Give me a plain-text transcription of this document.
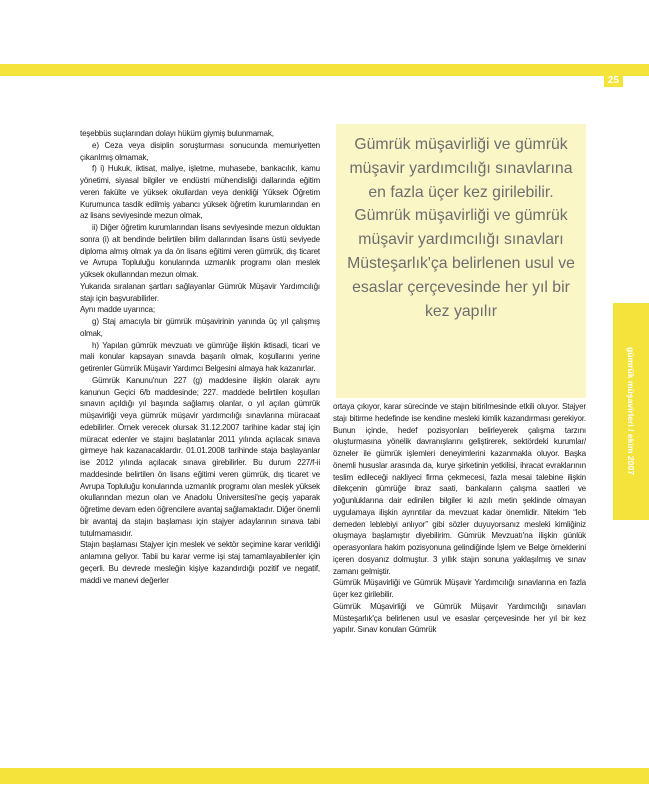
25

teşebbüs suçlarından dolayı hüküm giymiş bulunmamak,

e) Ceza veya disiplin soruşturması sonucunda memuriyetten çıkarılmış olmamak,

f) i) Hukuk, iktisat, maliye, işletme, muhasebe, bankacılık, kamu yönetimi, siyasal bilgiler ve endüstri mühendisliği dallarında eğitim veren fakülte ve yüksek okullardan veya denkliği Yüksek Öğretim Kurumunca tasdik edilmiş yabancı yüksek öğretim kurumlarından en az lisans seviyesinde mezun olmak,

ii) Diğer öğretim kurumlarından lisans seviyesinde mezun olduktan sonra (i) alt bendinde belirtilen bilim dallarından lisans üstü seviyede diploma almış olmak ya da ön lisans eğitimi veren gümrük, dış ticaret ve Avrupa Topluluğu konularında uzmanlık programı olan meslek yüksek okullarından mezun olmak.

Yukarıda sıralanan şartları sağlayanlar Gümrük Müşavir Yardımcılığı stajı için başvurabilirler.

Aynı madde uyarınca;

g) Staj amacıyla bir gümrük müşavirinin yanında üç yıl çalışmış olmak,

h) Yapılan gümrük mevzuatı ve gümrüğe ilişkin iktisadi, ticari ve mali konular kapsayan sınavda başarılı olmak, koşullarını yerine getirenler Gümrük Müşavir Yardımcı Belgesini almaya hak kazanırlar.

Gümrük Kanunu'nun 227 (g) maddesine ilişkin olarak aynı kanunun Geçici 6/b maddesinde; 227. maddede belirtilen koşulları sınavın açıldığı yıl başında sağlamış olanlar, o yıl açılan gümrük müşavirliği veya gümrük müşavir yardımcılığı sınavlarına müracaat edebilirler. Örnek verecek olursak 31.12.2007 tarihine kadar staj için müracat edenler ve stajını başlatanlar 2011 yılında açılacak sınava girmeye hak kazanacaklardır. 01.01.2008 tarihinde staja başlayanlar ise 2012 yılında açılacak sınava girebilirler. Bu durum 227/f-ii maddesinde belirtilen ön lisans eğitimi veren gümrük, dış ticaret ve Avrupa Topluluğu konularında uzmanlık programı olan meslek yüksek okullarından mezun olan ve Anadolu Üniversitesi'ne geçiş yaparak öğretime devam eden öğrencilere avantaj sağlamaktadır. Diğer önemli bir avantaj da stajın başlaması için stajyer adaylarının sınava tabi tutulmamasıdır.

Stajın başlaması Stajyer için meslek ve sektör seçimine karar verildiği anlamına geliyor. Tabii bu karar verme işi staj tamamlayabilenler için geçerli. Bu devrede mesleğin kişiye kazandırdığı pozitif ve negatif, maddi ve manevi değerler

Gümrük müşavirliği ve gümrük müşavir yardımcılığı sınavlarına en fazla üçer kez girilebilir. Gümrük müşavirliği ve gümrük müşavir yardımcılığı sınavları Müsteşarlık'ça belirlenen usul ve esaslar çerçevesinde her yıl bir kez yapılır

ortaya çıkıyor, karar sürecinde ve stajın bitirilmesinde etkili oluyor. Stajyer stajı bitirme hedefinde ise kendine mesleki kimlik kazandırması gerekiyor. Bunun içinde, hedef pozisyonları belirleyerek çalışma tarzını oluşturmasına yönelik davranışlarını geliştirerek, sektördeki kurumlar/özneler ile gümrük işlemleri deneyimlerini kazanmakla oluyor. Başka önemli hususlar arasında da, kurye şirketinin yetkilisi, ihracat evraklarının teslim edileceği nakliyeci firma çekmecesi, fazla mesai talebine ilişkin dilekçenin gümrüğe ibraz saati, bankaların çalışma saatleri ve yoğunluklarına dair edinilen bilgiler ki azılı metin şeklinde olmayan uygulamaya ilişkin ayrıntılar da mevzuat kadar önemlidir. Nitekim “leb demeden leblebiyi anlıyor” gibi sözler duyuyorsanız mesleki kimliğiniz oluşmaya başlamıştır diyebilirim. Gümrük Mevzuatı'na ilişkin günlük operasyonlara hakim pozisyonuna gelindiğinde İşlem ve Belge örneklerini içeren dosyanız dolmuştur. 3 yıllık stajın sonuna yaklaşılmış ve sınav zamanı gelmiştir.

Gümrük Müşavirliği ve Gümrük Müşavir Yardımcılığı sınavlarına en fazla üçer kez girilebilir.

Gümrük Müşavirliği ve Gümrük Müşavir Yardımcılığı sınavları Müsteşarlık'ça belirlenen usul ve esaslar çerçevesinde her yıl bir kez yapılır. Sınav konuları Gümrük

gümrük müşavirleri / ekim 2007
